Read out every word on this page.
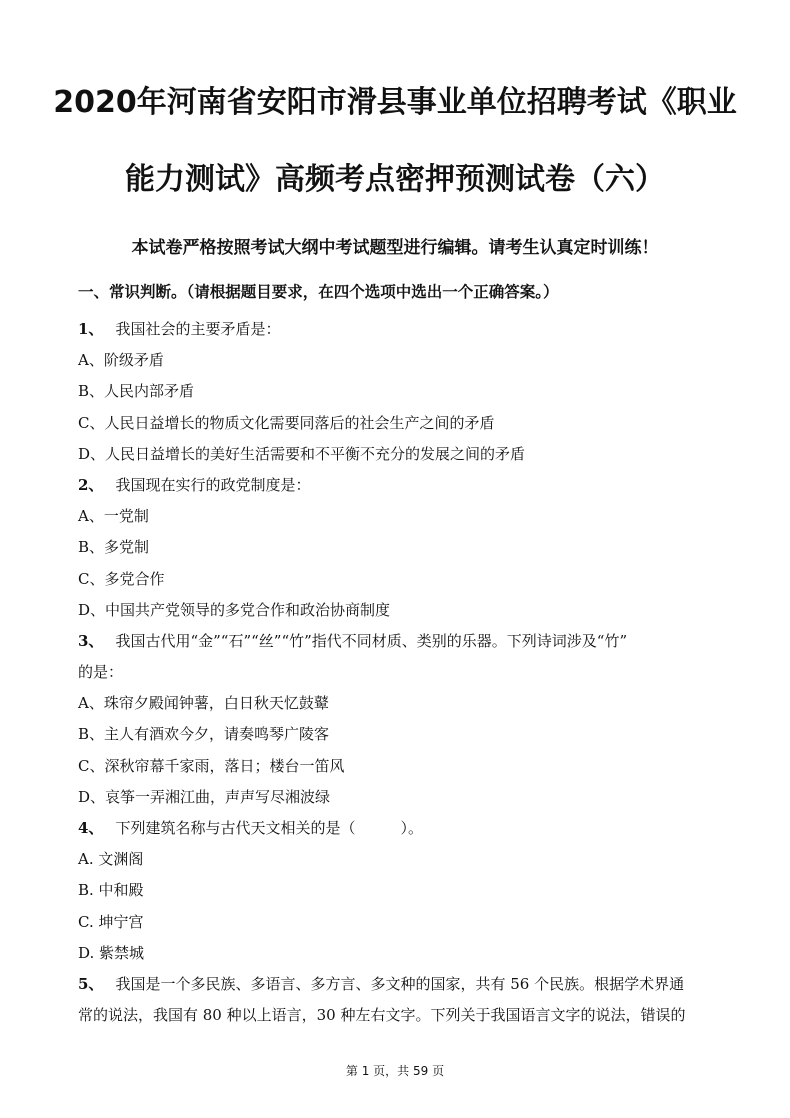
2020年河南省安阳市滑县事业单位招聘考试《职业
能力测试》高频考点密押预测试卷（六）
本试卷严格按照考试大纲中考试题型进行编辑。请考生认真定时训练！
一、常识判断。（请根据题目要求，在四个选项中选出一个正确答案。）
1、 我国社会的主要矛盾是：
A、阶级矛盾
B、人民内部矛盾
C、人民日益增长的物质文化需要同落后的社会生产之间的矛盾
D、人民日益增长的美好生活需要和不平衡不充分的发展之间的矛盾
2、 我国现在实行的政党制度是：
A、一党制
B、多党制
C、多党合作
D、中国共产党领导的多党合作和政治协商制度
3、 我国古代用“金”“石”“丝”“竹”指代不同材质、类别的乐器。下列诗词涉及“竹”
的是：
A、珠帘夕殿闻钟薯，白日秋天忆鼓鼙
B、主人有酒欢今夕，请奏鸣琴广陵客
C、深秋帘幕千家雨，落日；楼台一笛风
D、哀筝一弄湘江曲，声声写尽湘波绿
4、 下列建筑名称与古代天文相关的是（　　　）。
A. 文渊阁
B. 中和殿
C. 坤宁宫
D. 紫禁城
5、 我国是一个多民族、多语言、多方言、多文种的国家，共有 56 个民族。根据学术界通
常的说法，我国有 80 种以上语言，30 种左右文字。下列关于我国语言文字的说法，错误的
第 1 页，共 59 页
